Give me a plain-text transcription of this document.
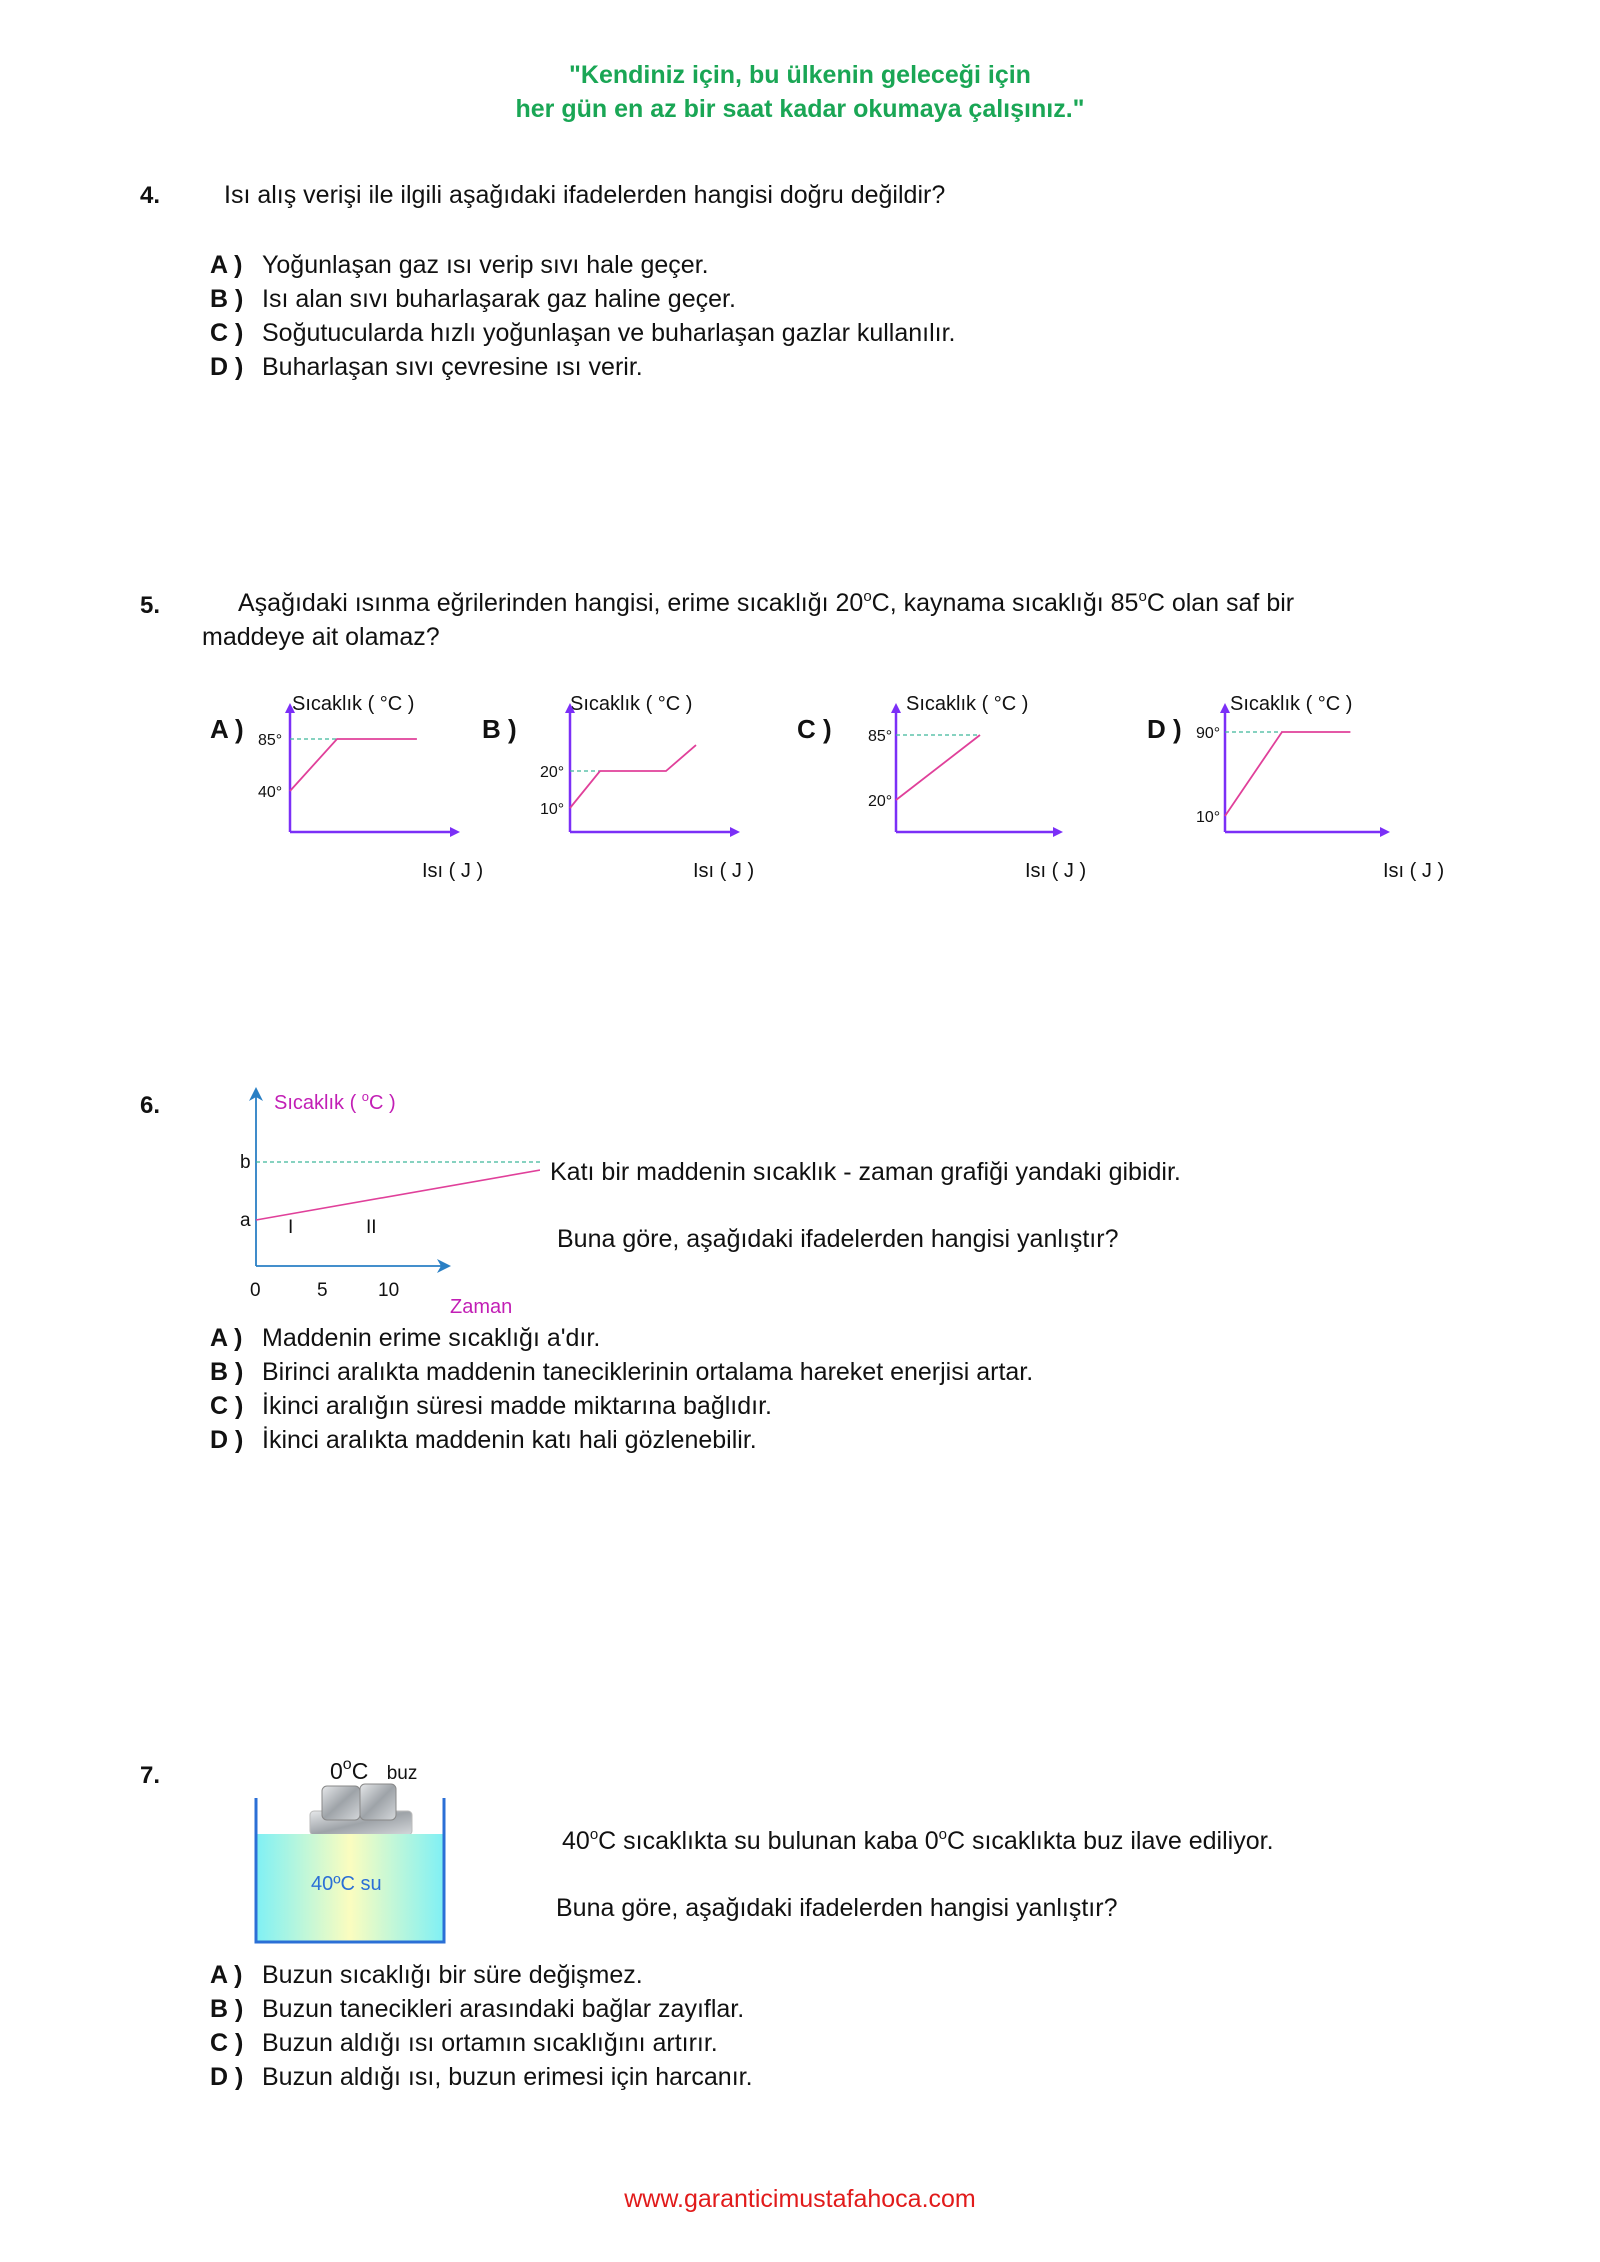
"Kendiniz için, bu ülkenin geleceği için
her gün en az bir saat kadar okumaya çalışınız."
4.	Isı alış verişi ile ilgili aşağıdaki ifadelerden hangisi doğru değildir?
A ) Yoğunlaşan gaz ısı verip sıvı hale geçer.
B ) Isı alan sıvı buharlaşarak gaz haline geçer.
C ) Soğutucularda hızlı yoğunlaşan ve buharlaşan gazlar kullanılır.
D ) Buharlaşan sıvı çevresine ısı verir.
5.	Aşağıdaki ısınma eğrilerinden hangisi, erime sıcaklığı 20$^o$C, kaynama sıcaklığı 85$^o$C olan saf bir
maddeye ait olamaz?
A )
Sıcaklık ( °C )
Isı ( J )
85°
40°
B )
Sıcaklık ( °C )
Isı ( J )
20°
10°
C )
Sıcaklık ( °C )
Isı ( J )
85°
20°
D )
Sıcaklık ( °C )
Isı ( J )
90°
10°
6.	Sıcaklık ( $^o$C )
Zaman
b
a
0	5	10
I	II
Katı bir maddenin sıcaklık - zaman grafiği yandaki gibidir.
Buna göre, aşağıdaki ifadelerden hangisi yanlıştır?
A ) Maddenin erime sıcaklığı a'dır.
B ) Birinci aralıkta maddenin taneciklerinin ortalama hareket enerjisi artar.
C ) İkinci aralığın süresi madde miktarına bağlıdır.
D ) İkinci aralıkta maddenin katı hali gözlenebilir.
7.	0$^o$C buz
40ºC su
40$^o$C sıcaklıkta su bulunan kaba 0$^o$C sıcaklıkta buz ilave ediliyor.
Buna göre, aşağıdaki ifadelerden hangisi yanlıştır?
A ) Buzun sıcaklığı bir süre değişmez.
B ) Buzun tanecikleri arasındaki bağlar zayıflar.
C ) Buzun aldığı ısı ortamın sıcaklığını artırır.
D ) Buzun aldığı ısı, buzun erimesi için harcanır.
www.garanticimustafahoca.com
